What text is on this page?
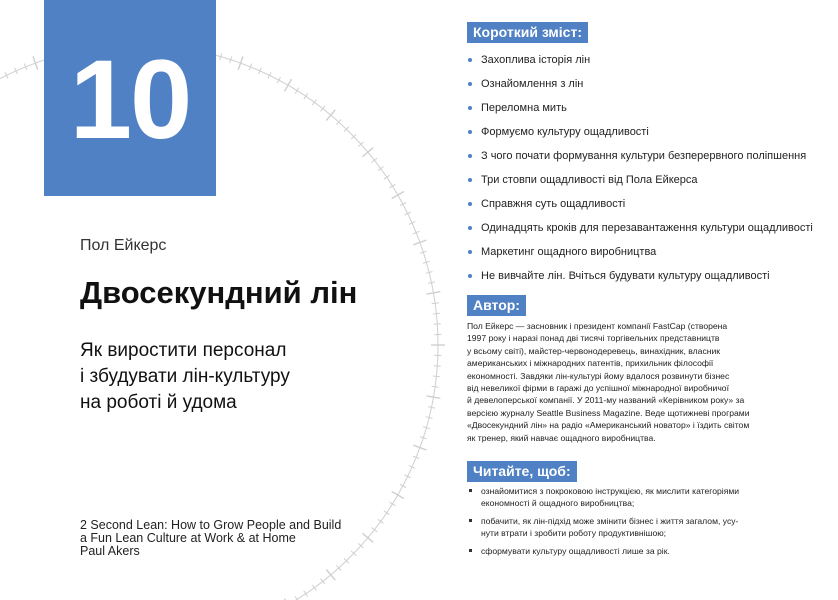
10
Пол Ейкерс
Двосекундний лін
Як виростити персонал
і збудувати лін-культуру
на роботі й удома
2 Second Lean: How to Grow People and Build
a Fun Lean Culture at Work & at Home
Paul Akers
Короткий зміст:
Захоплива історія лін
Ознайомлення з лін
Переломна мить
Формуємо культуру ощадливості
З чого почати формування культури безперервного поліпшення
Три стовпи ощадливості від Пола Ейкерса
Справжня суть ощадливості
Одинадцять кроків для перезавантаження культури ощадливості
Маркетинг ощадного виробництва
Не вивчайте лін. Вчіться будувати культуру ощадливості
Автор:
Пол Ейкерс — засновник і президент компанії FastCap (створена
1997 року і наразі понад дві тисячі торгівельних представництв
у всьому світі), майстер-червонодеревець, винахідник, власник
американських і міжнародних патентів, прихильник філософії
економності. Завдяки лін-культурі йому вдалося розвинути бізнес
від невеликої фірми в гаражі до успішної міжнародної виробничої
й девелоперської компанії. У 2011-му названий «Керівником року» за
версією журналу Seattle Business Magazine. Веде щотижневі програми
«Двосекундний лін» на радіо «Американський новатор» і їздить світом
як тренер, який навчає ощадного виробництва.
Читайте, щоб:
ознайомитися з покроковою інструкцією, як мислити категоріями
економності й ощадного виробництва;
побачити, як лін-підхід може змінити бізнес і життя загалом, усу-
нути втрати і зробити роботу продуктивнішою;
сформувати культуру ощадливості лише за рік.
